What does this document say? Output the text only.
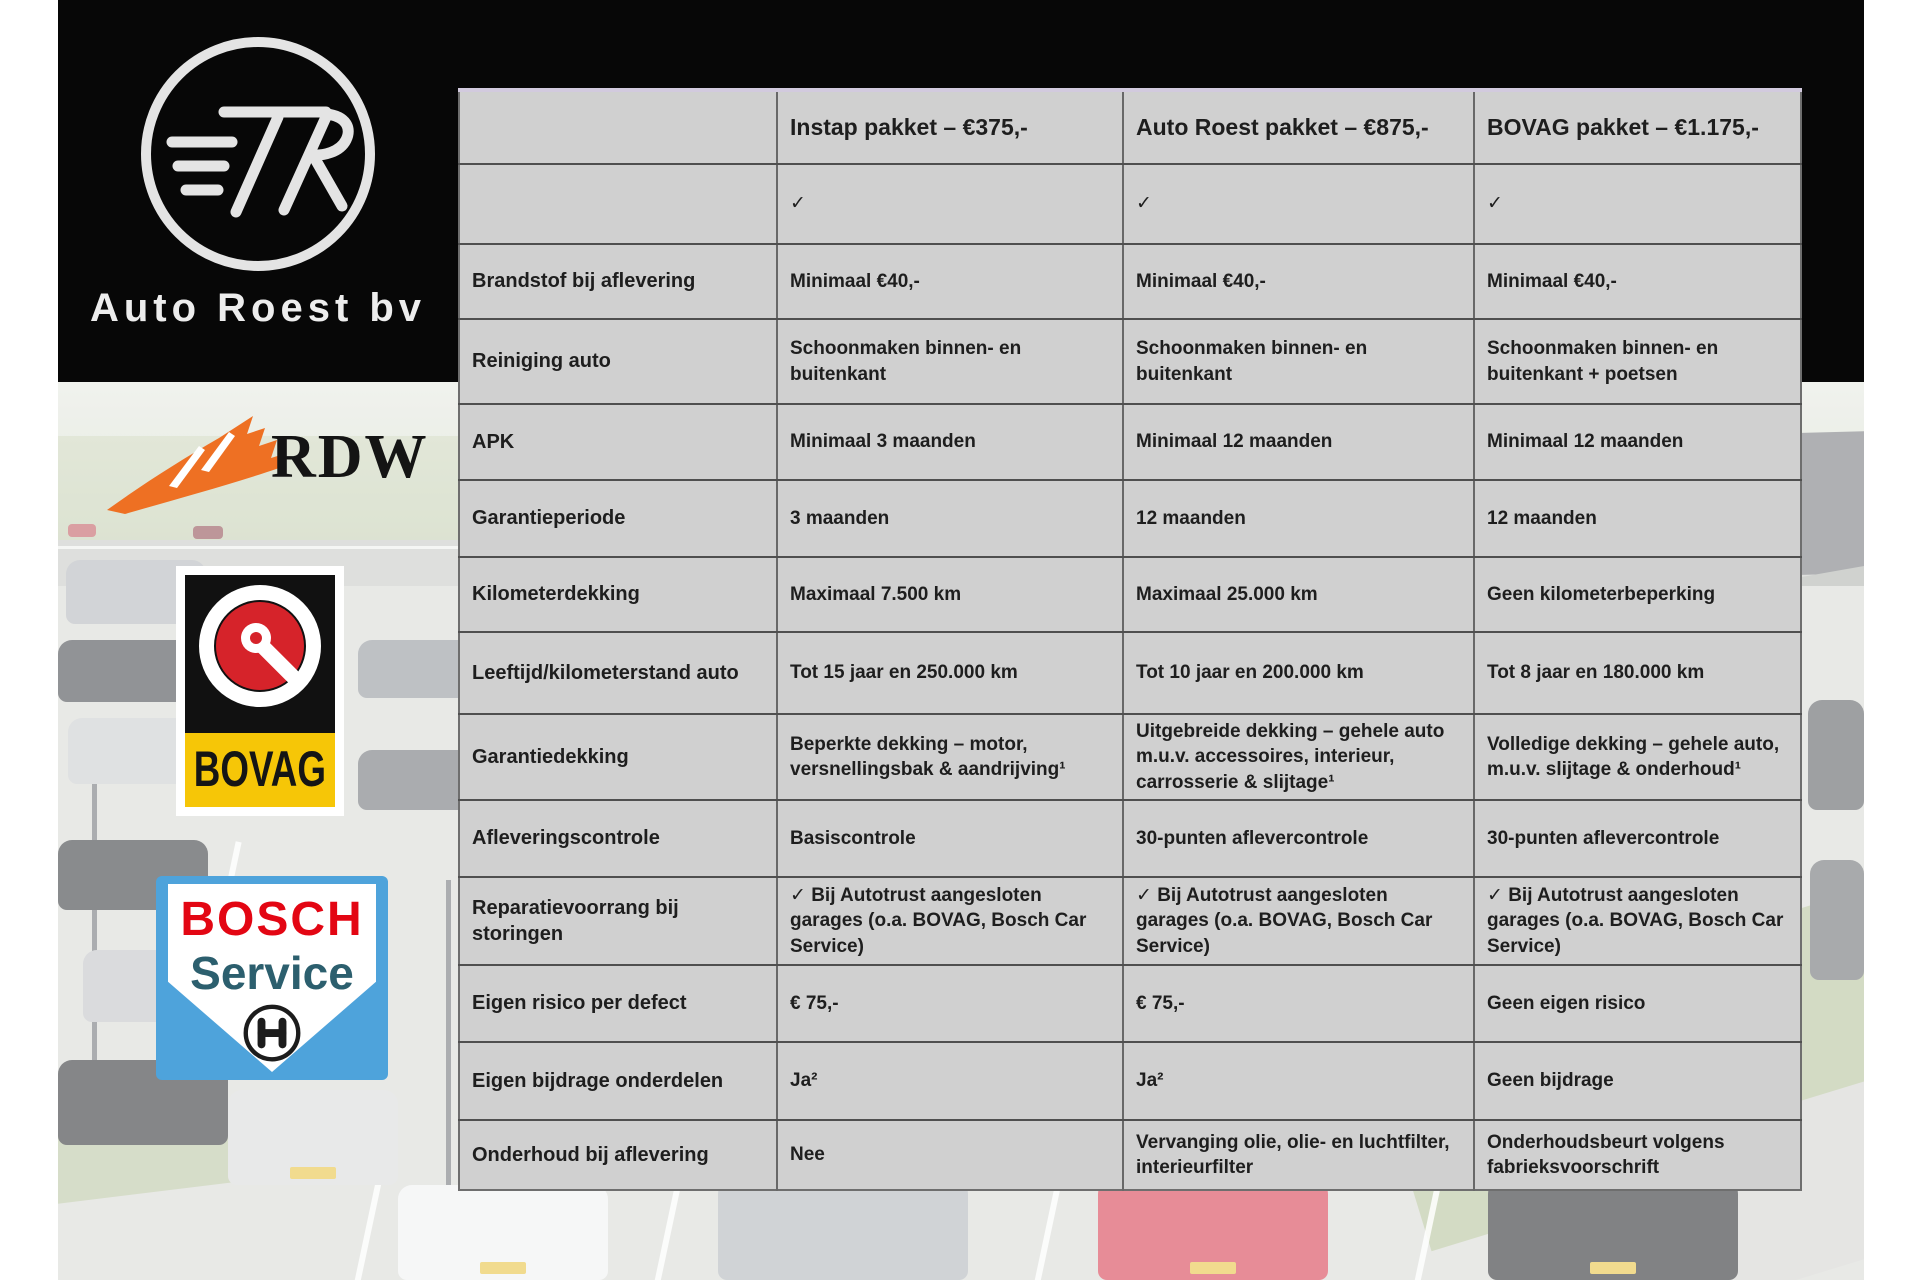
Auto Roest bv
RDW
BOVAG
BOSCH
Service
	Instap pakket – €375,-	Auto Roest pakket – €875,-	BOVAG pakket – €1.175,-
	✓	✓	✓
Brandstof bij aflevering	Minimaal €40,-	Minimaal €40,-	Minimaal €40,-
Reiniging auto	Schoonmaken binnen- en buitenkant	Schoonmaken binnen- en buitenkant	Schoonmaken binnen- en buitenkant + poetsen
APK	Minimaal 3 maanden	Minimaal 12 maanden	Minimaal 12 maanden
Garantieperiode	3 maanden	12 maanden	12 maanden
Kilometerdekking	Maximaal 7.500 km	Maximaal 25.000 km	Geen kilometerbeperking
Leeftijd/kilometerstand auto	Tot 15 jaar en 250.000 km	Tot 10 jaar en 200.000 km	Tot 8 jaar en 180.000 km
Garantiedekking	Beperkte dekking – motor, versnellingsbak & aandrijving¹	Uitgebreide dekking – gehele auto m.u.v. accessoires, interieur, carrosserie & slijtage¹	Volledige dekking – gehele auto, m.u.v. slijtage & onderhoud¹
Afleveringscontrole	Basiscontrole	30-punten aflevercontrole	30-punten aflevercontrole
Reparatievoorrang bij storingen	✓ Bij Autotrust aangesloten garages (o.a. BOVAG, Bosch Car Service)	✓ Bij Autotrust aangesloten garages (o.a. BOVAG, Bosch Car Service)	✓ Bij Autotrust aangesloten garages (o.a. BOVAG, Bosch Car Service)
Eigen risico per defect	€ 75,-	€ 75,-	Geen eigen risico
Eigen bijdrage onderdelen	Ja²	Ja²	Geen bijdrage
Onderhoud bij aflevering	Nee	Vervanging olie, olie- en luchtfilter, interieurfilter	Onderhoudsbeurt volgens fabrieksvoorschrift
